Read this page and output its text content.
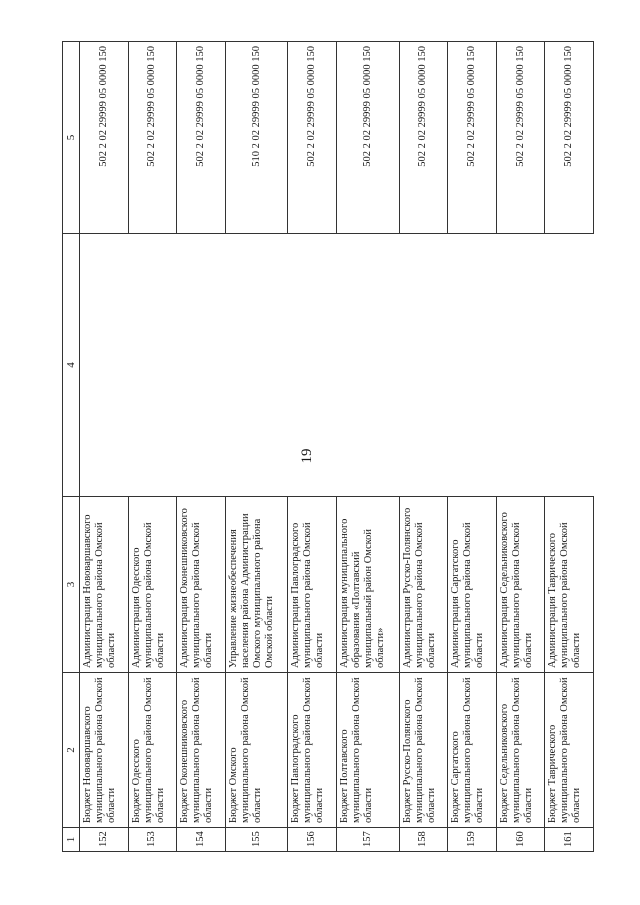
19
1	2	3	4	5
152	Бюджет Нововаршавского муниципального района Омской области	Администрация Нововаршавского муниципального района Омской области		502 2 02 29999 05 0000 150
153	Бюджет Одесского муниципального района Омской области	Администрация Одесского муниципального района Омской области		502 2 02 29999 05 0000 150
154	Бюджет Оконешниковского муниципального района Омской области	Администрация Оконешниковского муниципального района Омской области		502 2 02 29999 05 0000 150
155	Бюджет Омского муниципального района Омской области	Управление жизнеобеспечения населения района Администрации Омского муниципального района Омской области		510 2 02 29999 05 0000 150
156	Бюджет Павлоградского муниципального района Омской области	Администрация Павлоградского муниципального района Омской области		502 2 02 29999 05 0000 150
157	Бюджет Полтавского муниципального района Омской области	Администрация муниципального образования «Полтавский муниципальный район Омской области»		502 2 02 29999 05 0000 150
158	Бюджет Русско-Полянского муниципального района Омской области	Администрация Русско-Полянского муниципального района Омской области		502 2 02 29999 05 0000 150
159	Бюджет Саргатского муниципального района Омской области	Администрация Саргатского муниципального района Омской области		502 2 02 29999 05 0000 150
160	Бюджет Седельниковского муниципального района Омской области	Администрация Седельниковского муниципального района Омской области		502 2 02 29999 05 0000 150
161	Бюджет Таврического муниципального района Омской области	Администрация Таврического муниципального района Омской области		502 2 02 29999 05 0000 150
